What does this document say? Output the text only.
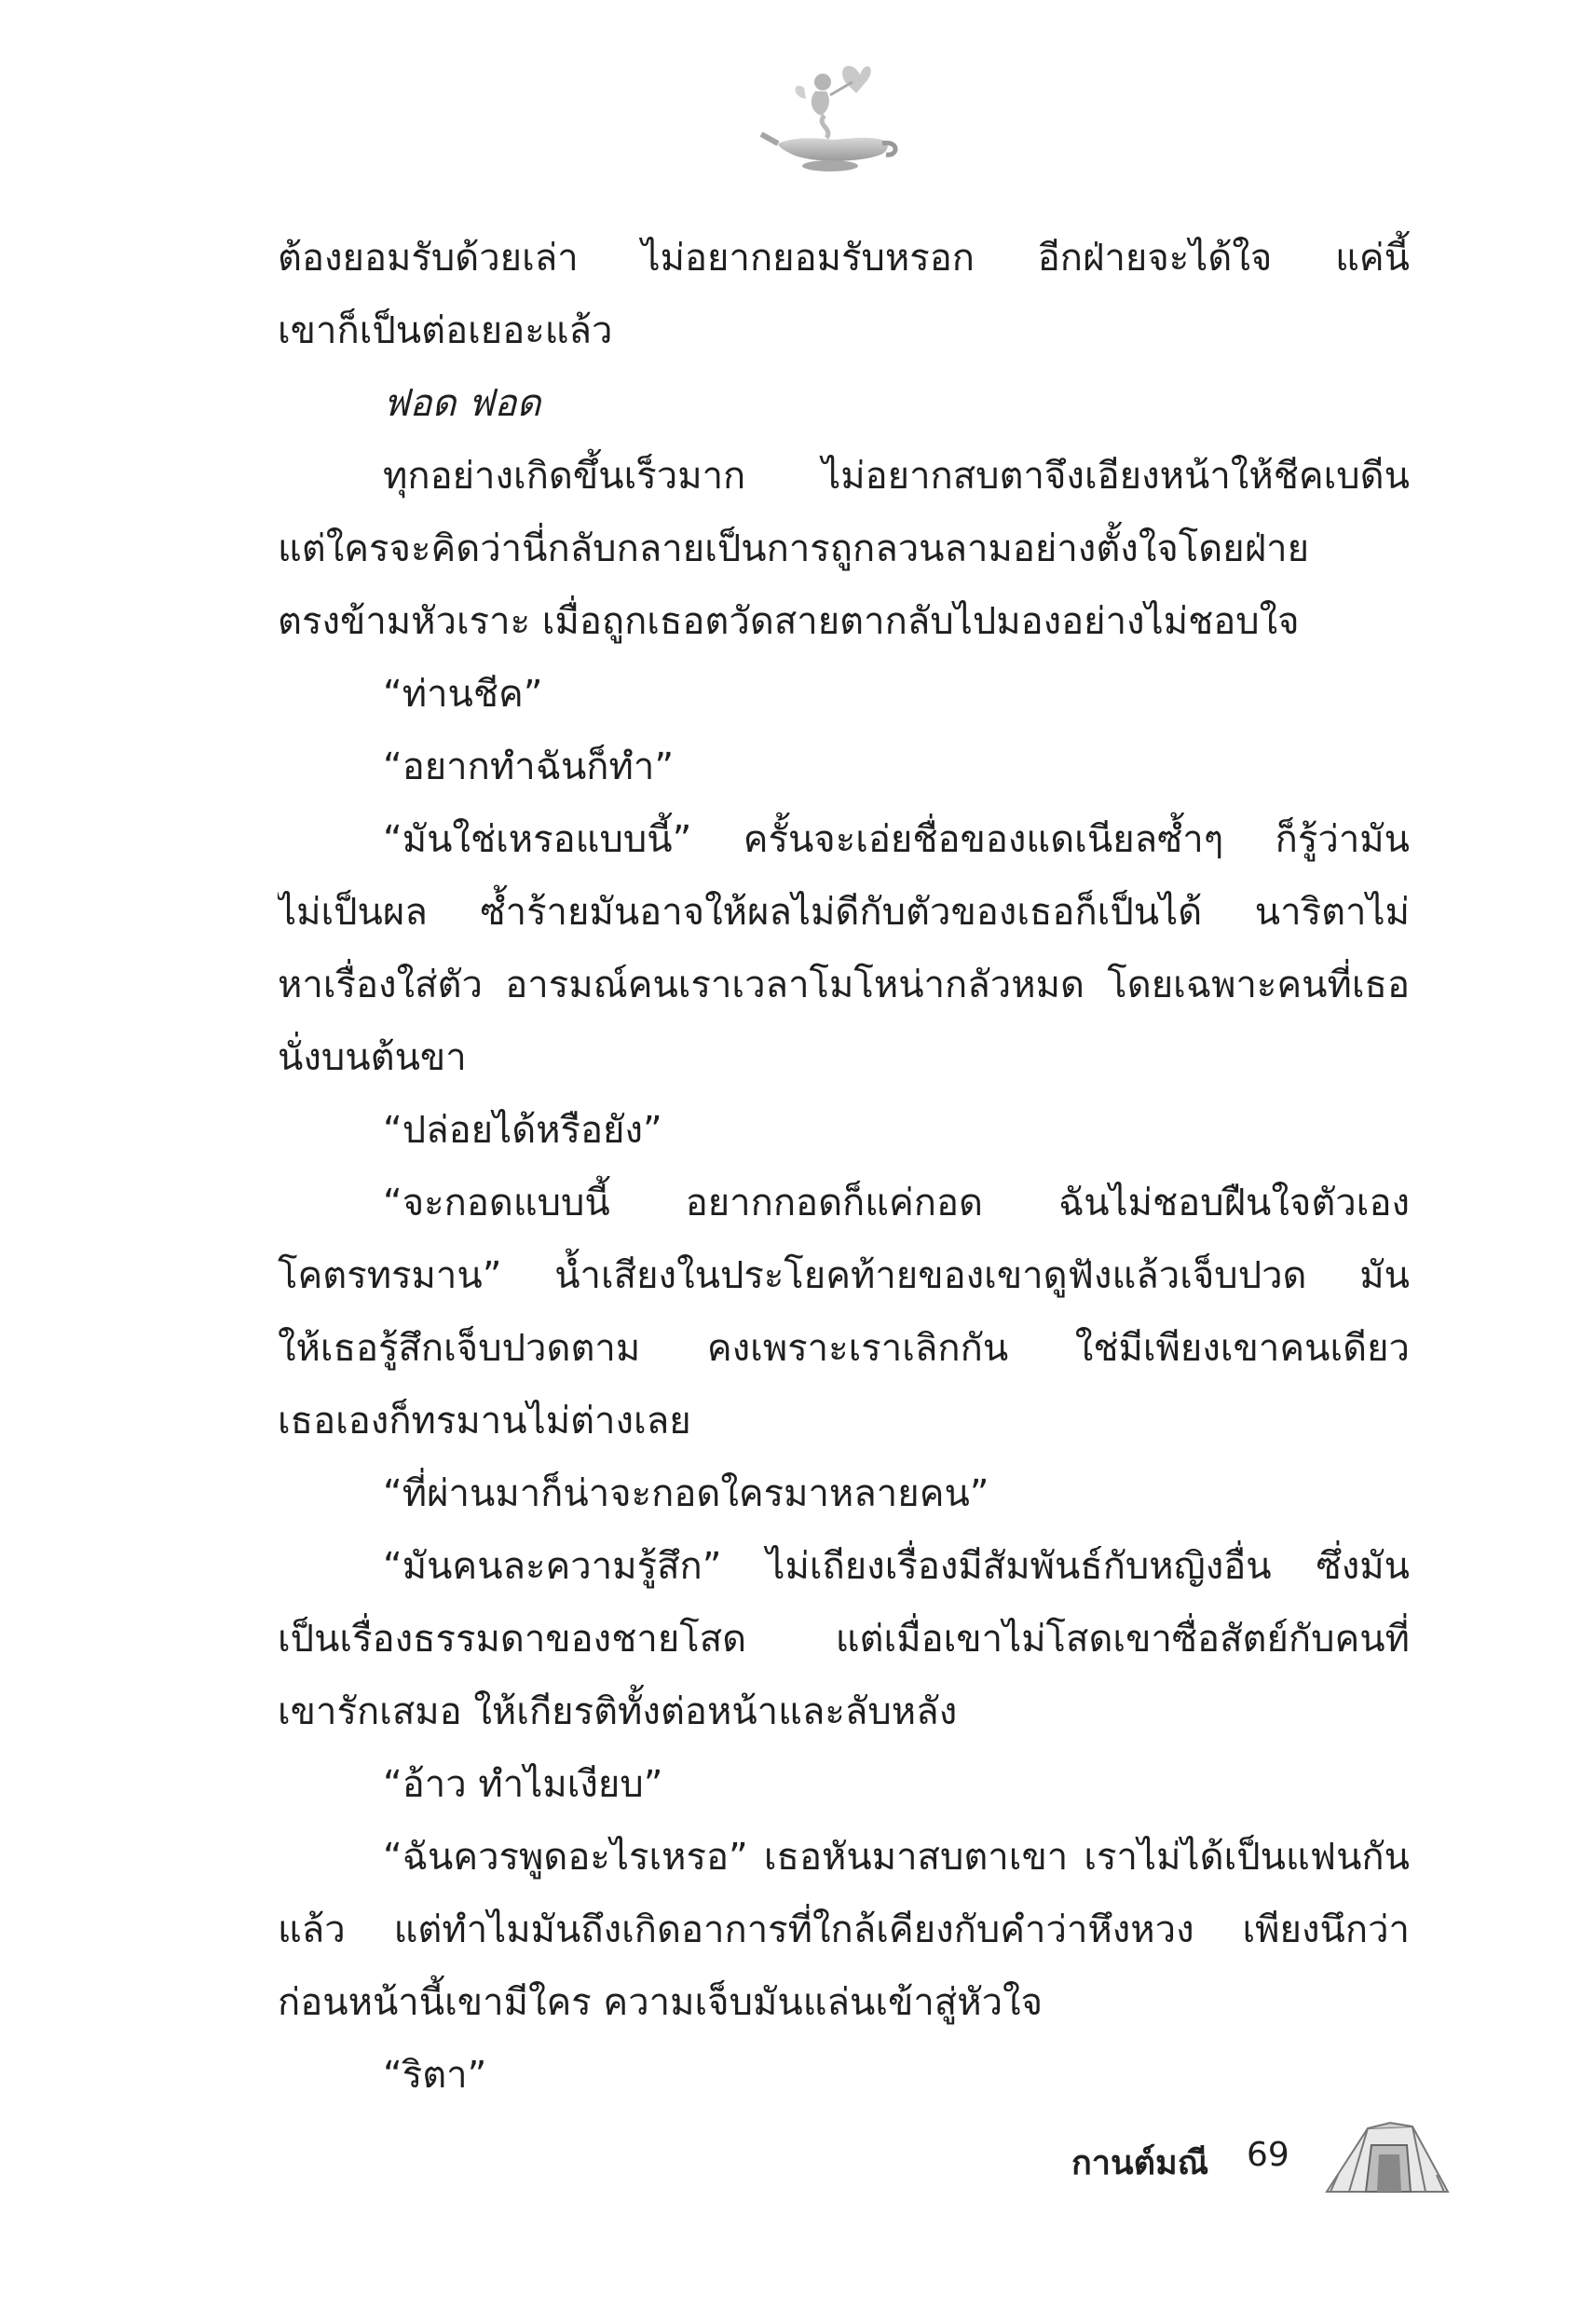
ต้องยอมรับด้วยเล่า ไม่อยากยอมรับหรอก อีกฝ่ายจะได้ใจ แค่นี้
เขาก็เป็นต่อเยอะแล้ว
ฟอด ฟอด
ทุกอย่างเกิดขึ้นเร็วมาก ไม่อยากสบตาจึงเอียงหน้าให้ชีคเบดีน
แต่ใครจะคิดว่านี่กลับกลายเป็นการถูกลวนลามอย่างตั้งใจโดยฝ่าย
ตรงข้ามหัวเราะ เมื่อถูกเธอตวัดสายตากลับไปมองอย่างไม่ชอบใจ
“ท่านชีค”
“อยากทำฉันก็ทำ”
“มันใช่เหรอแบบนี้” ครั้นจะเอ่ยชื่อของแดเนียลซ้ำๆ ก็รู้ว่ามัน
ไม่เป็นผล ซ้ำร้ายมันอาจให้ผลไม่ดีกับตัวของเธอก็เป็นได้ นาริตาไม่
หาเรื่องใส่ตัว อารมณ์คนเราเวลาโมโหน่ากลัวหมด โดยเฉพาะคนที่เธอ
นั่งบนต้นขา
“ปล่อยได้หรือยัง”
“จะกอดแบบนี้ อยากกอดก็แค่กอด ฉันไม่ชอบฝืนใจตัวเอง
โคตรทรมาน” น้ำเสียงในประโยคท้ายของเขาดูฟังแล้วเจ็บปวด มัน
ให้เธอรู้สึกเจ็บปวดตาม คงเพราะเราเลิกกัน ใช่มีเพียงเขาคนเดียว
เธอเองก็ทรมานไม่ต่างเลย
“ที่ผ่านมาก็น่าจะกอดใครมาหลายคน”
“มันคนละความรู้สึก” ไม่เถียงเรื่องมีสัมพันธ์กับหญิงอื่น ซึ่งมัน
เป็นเรื่องธรรมดาของชายโสด แต่เมื่อเขาไม่โสดเขาซื่อสัตย์กับคนที่
เขารักเสมอ ให้เกียรติทั้งต่อหน้าและลับหลัง
“อ้าว ทำไมเงียบ”
“ฉันควรพูดอะไรเหรอ” เธอหันมาสบตาเขา เราไม่ได้เป็นแฟนกัน
แล้ว แต่ทำไมมันถึงเกิดอาการที่ใกล้เคียงกับคำว่าหึงหวง เพียงนึกว่า
ก่อนหน้านี้เขามีใคร ความเจ็บมันแล่นเข้าสู่หัวใจ
“ริตา”
กานต์มณี 69
